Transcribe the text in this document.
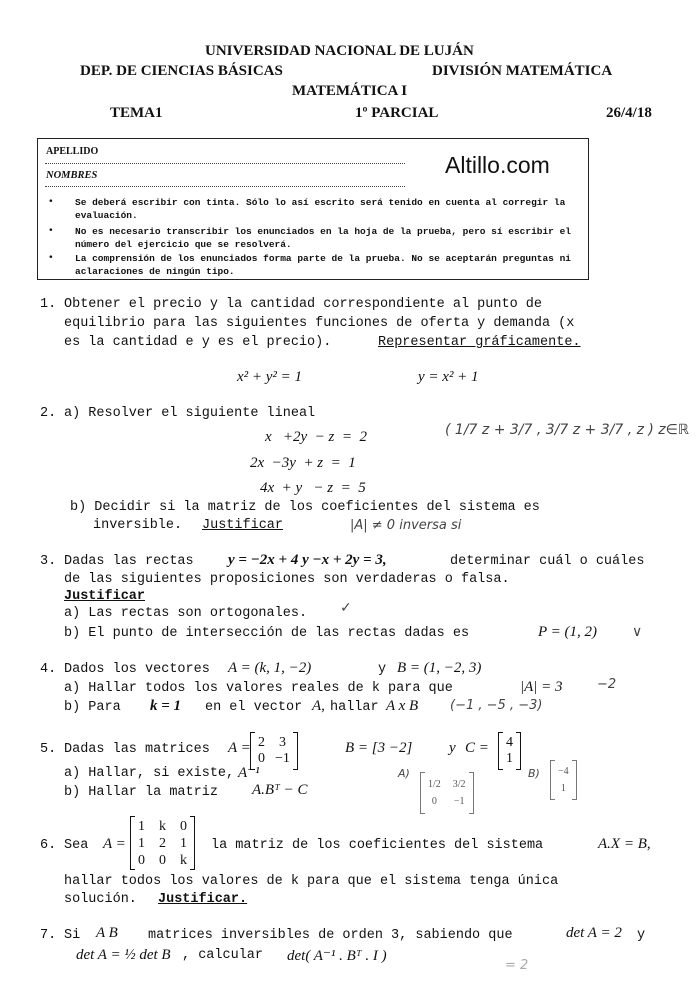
UNIVERSIDAD NACIONAL DE LUJÁN
DEP. DE CIENCIAS BÁSICAS	DIVISIÓN MATEMÁTICA
MATEMÁTICA I
TEMA1	1º PARCIAL	26/4/18
APELLIDO
NOMBRES	Altillo.com
• Se deberá escribir con tinta. Sólo lo así escrito será tenido en cuenta al corregir la evaluación.
• No es necesario transcribir los enunciados en la hoja de la prueba, pero sí escribir el número del ejercicio que se resolverá.
• La comprensión de los enunciados forma parte de la prueba. No se aceptarán preguntas ni aclaraciones de ningún tipo.
1. Obtener el precio y la cantidad correspondiente al punto de
equilibrio para las siguientes funciones de oferta y demanda (x
es la cantidad e y es el precio).	Representar gráficamente.
x² + y² = 1	y = x² + 1
2. a) Resolver el siguiente lineal
x   +2y  − z  =  2
2x  −3y  + z  =  1
4x  + y   − z  =  5
( 1/7 z + 3/7 , 3/7 z + 3/7 , z ) z∈ℝ
b) Decidir si la matriz de los coeficientes del sistema es
inversible. Justificar	|A| ≠ 0 inversa si
3. Dadas las rectas y = −2x + 4 y −x + 2y = 3,	determinar cuál o cuáles
de las siguientes proposiciones son verdaderas o falsa.
Justificar
a) Las rectas son ortogonales. ✓
b) El punto de intersección de las rectas dadas es	P = (1, 2) ∨
4. Dados los vectores A = (k, 1, −2)	y B = (1, −2, 3)
a) Hallar todos los valores reales de k para que	|A| = 3	−2
b) Para k = 1 en el vector A, hallar A x B (−1 , −5 , −3)
5. Dadas las matrices A = 2 3
0 −1
B = [3 −2] y C = 4
1
a) Hallar, si existe, A⁻¹
b) Hallar la matriz A.Bᵀ − C
A)
1/2 3/2
0	−1
B) −4
1
6. Sea A =
1 k 0
1 2 1
0 0 k
la matriz de los coeficientes del sistema	A.X = B,
hallar todos los valores de k para que el sistema tenga única
solución. Justificar.
7. Si A B matrices inversibles de orden 3, sabiendo que	det A = 2 y
det A = ½ det B , calcular det( A⁻¹ . Bᵀ . I )
= 2
